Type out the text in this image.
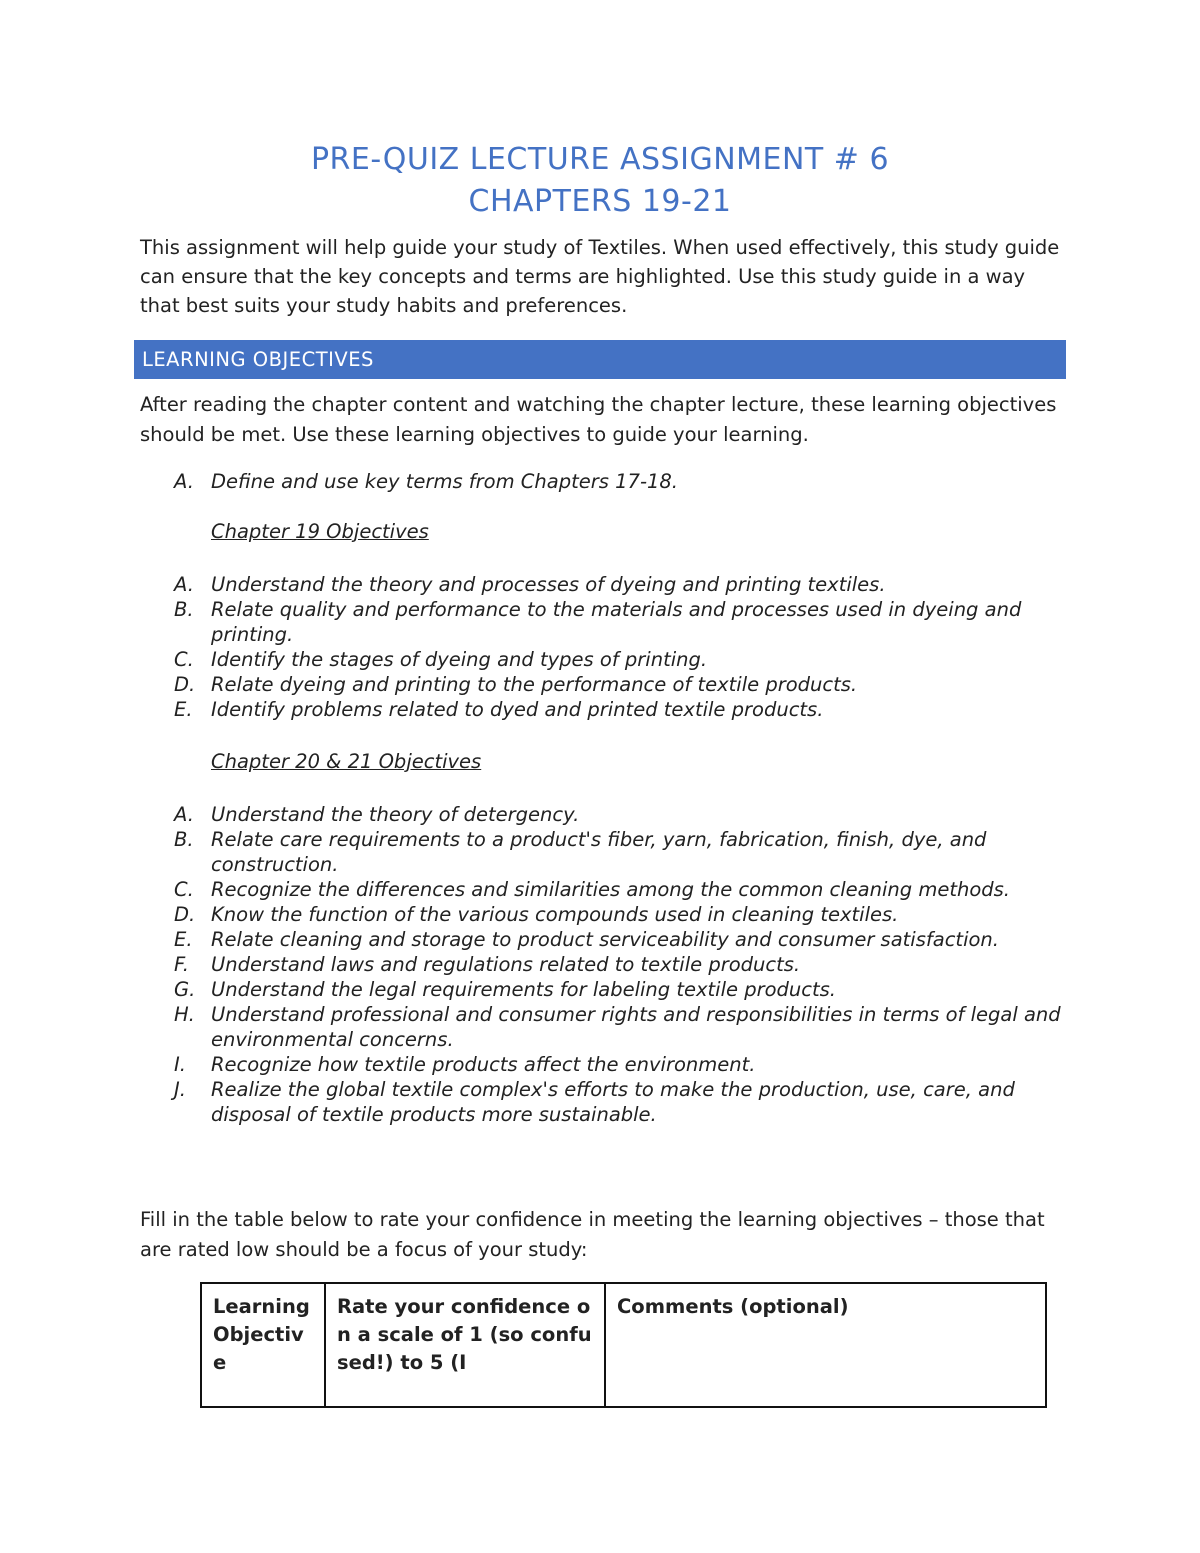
PRE-QUIZ LECTURE ASSIGNMENT # 6
CHAPTERS 19-21

This assignment will help guide your study of Textiles. When used effectively, this study guide can ensure that the key concepts and terms are highlighted. Use this study guide in a way that best suits your study habits and preferences.

LEARNING OBJECTIVES

After reading the chapter content and watching the chapter lecture, these learning objectives should be met. Use these learning objectives to guide your learning.

A. Define and use key terms from Chapters 17-18.
Chapter 19 Objectives
A. Understand the theory and processes of dyeing and printing textiles.
B. Relate quality and performance to the materials and processes used in dyeing and printing.
C. Identify the stages of dyeing and types of printing.
D. Relate dyeing and printing to the performance of textile products.
E. Identify problems related to dyed and printed textile products.
Chapter 20 & 21 Objectives
A. Understand the theory of detergency.
B. Relate care requirements to a product's fiber, yarn, fabrication, finish, dye, and construction.
C. Recognize the differences and similarities among the common cleaning methods.
D. Know the function of the various compounds used in cleaning textiles.
E. Relate cleaning and storage to product serviceability and consumer satisfaction.
F. Understand laws and regulations related to textile products.
G. Understand the legal requirements for labeling textile products.
H. Understand professional and consumer rights and responsibilities in terms of legal and environmental concerns.
I. Recognize how textile products affect the environment.
J. Realize the global textile complex's efforts to make the production, use, care, and disposal of textile products more sustainable.

Fill in the table below to rate your confidence in meeting the learning objectives – those that are rated low should be a focus of your study:

Learning Objective	Rate your confidence on a scale of 1 (so confused!) to 5 (I	Comments (optional)
